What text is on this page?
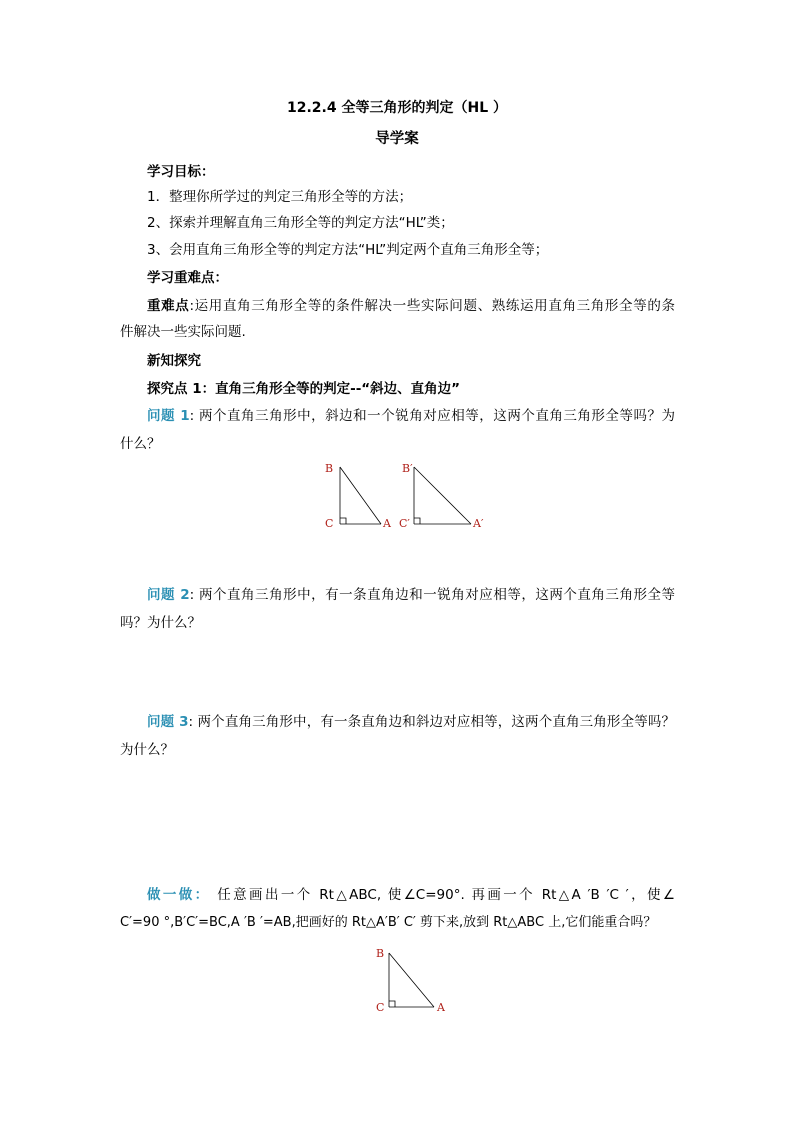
12.2.4 全等三角形的判定（HL ）
导学案
学习目标：
1．整理你所学过的判定三角形全等的方法；
2、探索并理解直角三角形全等的判定方法“HL”类；
3、会用直角三角形全等的判定方法“HL”判定两个直角三角形全等；
学习重难点：
重难点:运用直角三角形全等的条件解决一些实际问题、熟练运用直角三角形全等的条
件解决一些实际问题.
新知探究
探究点 1：直角三角形全等的判定--“斜边、直角边”
问题 1: 两个直角三角形中，斜边和一个锐角对应相等，这两个直角三角形全等吗？为
什么？
B
C	A
B′
C′	A′
问题 2: 两个直角三角形中，有一条直角边和一锐角对应相等，这两个直角三角形全等
吗？为什么？
问题 3: 两个直角三角形中，有一条直角边和斜边对应相等，这两个直角三角形全等吗？
为什么？
做一做： 任意画出一个 Rt△ABC, 使∠C=90°. 再画一个 Rt△A ′B ′C ′，使∠
C′=90 °,B′C′=BC,A ′B ′=AB,把画好的 Rt△A′B′ C′ 剪下来,放到 Rt△ABC 上,它们能重合吗？
B
C	A
